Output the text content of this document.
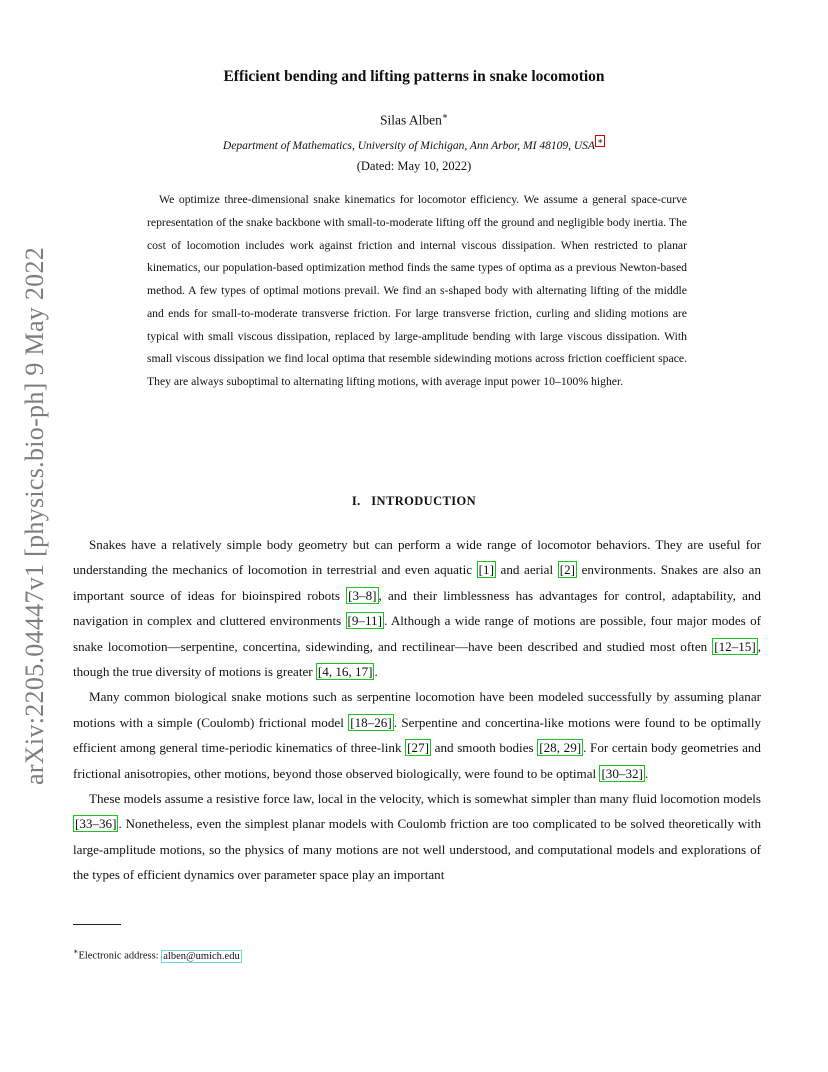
arXiv:2205.04447v1 [physics.bio-ph] 9 May 2022
Efficient bending and lifting patterns in snake locomotion
Silas Alben∗
Department of Mathematics, University of Michigan, Ann Arbor, MI 48109, USA ∗
(Dated: May 10, 2022)
We optimize three-dimensional snake kinematics for locomotor efficiency. We assume a general space-curve representation of the snake backbone with small-to-moderate lifting off the ground and negligible body inertia. The cost of locomotion includes work against friction and internal viscous dissipation. When restricted to planar kinematics, our population-based optimization method finds the same types of optima as a previous Newton-based method. A few types of optimal motions prevail. We find an s-shaped body with alternating lifting of the middle and ends for small-to-moderate transverse friction. For large transverse friction, curling and sliding motions are typical with small viscous dissipation, replaced by large-amplitude bending with large viscous dissipation. With small viscous dissipation we find local optima that resemble sidewinding motions across friction coefficient space. They are always suboptimal to alternating lifting motions, with average input power 10–100% higher.
I. INTRODUCTION

Snakes have a relatively simple body geometry but can perform a wide range of locomotor behaviors. They are useful for understanding the mechanics of locomotion in terrestrial and even aquatic [1] and aerial [2] environments. Snakes are also an important source of ideas for bioinspired robots [3–8] , and their limblessness has advantages for control, adaptability, and navigation in complex and cluttered environments [9–11] . Although a wide range of motions are possible, four major modes of snake locomotion—serpentine, concertina, sidewinding, and rectilinear—have been described and studied most often [12–15] , though the true diversity of motions is greater [4, 16, 17] .

Many common biological snake motions such as serpentine locomotion have been modeled successfully by assuming planar motions with a simple (Coulomb) frictional model [18–26] . Serpentine and concertina-like motions were found to be optimally efficient among general time-periodic kinematics of three-link [27] and smooth bodies [28, 29] . For certain body geometries and frictional anisotropies, other motions, beyond those observed biologically, were found to be optimal [30–32] .

These models assume a resistive force law, local in the velocity, which is somewhat simpler than many fluid locomotion models [33–36] . Nonetheless, even the simplest planar models with Coulomb friction are too complicated to be solved theoretically with large-amplitude motions, so the physics of many motions are not well understood, and computational models and explorations of the types of efficient dynamics over parameter space play an important

∗Electronic address: alben@umich.edu
